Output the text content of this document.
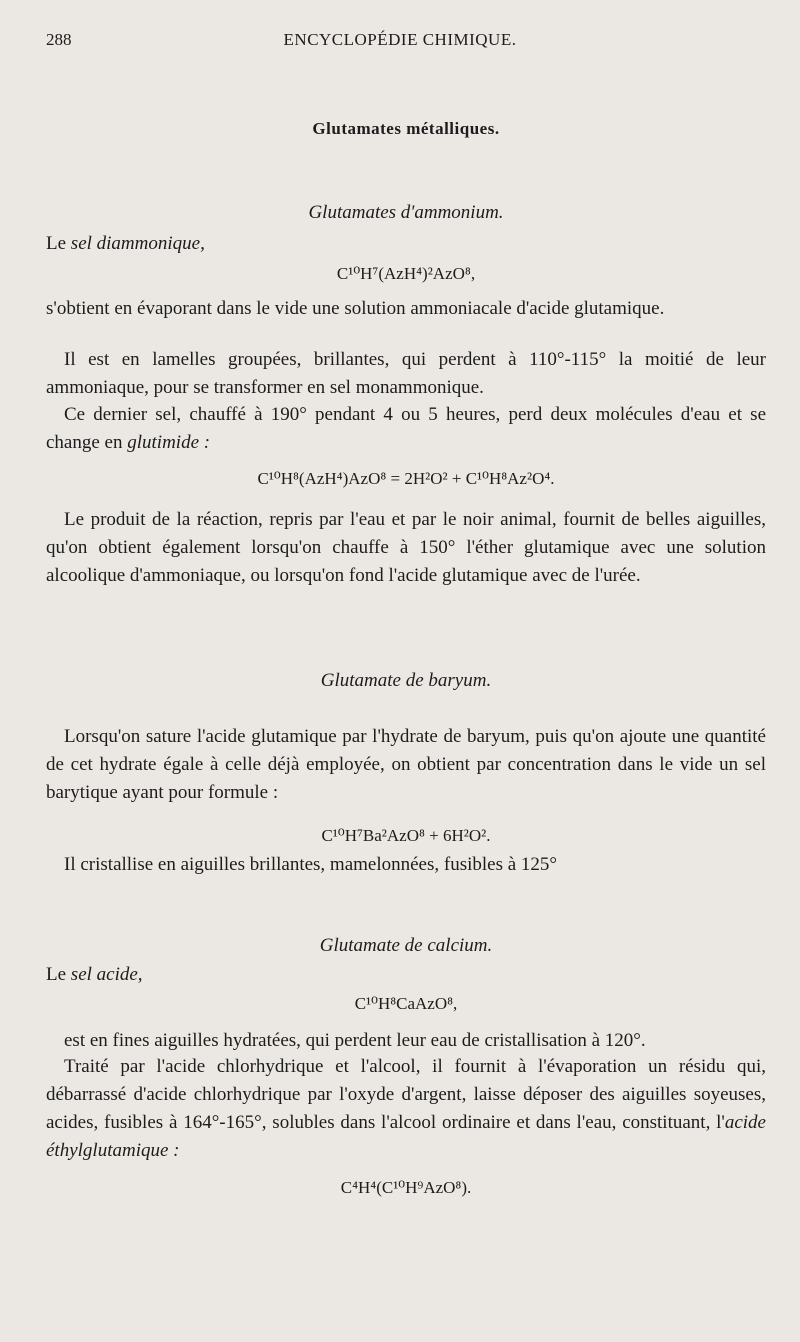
288	ENCYCLOPÉDIE CHIMIQUE.
Glutamates métalliques.
Glutamates d'ammonium.

Le sel diammonique,

C¹⁰H⁷(AzH⁴)²AzO⁸,

s'obtient en évaporant dans le vide une solution ammoniacale d'acide glutamique.

Il est en lamelles groupées, brillantes, qui perdent à 110°-115° la moitié de leur ammoniaque, pour se transformer en sel monammonique.

Ce dernier sel, chauffé à 190° pendant 4 ou 5 heures, perd deux molécules d'eau et se change en glutimide :

C¹⁰H⁸(AzH⁴)AzO⁸ = 2H²O² + C¹⁰H⁸Az²O⁴.

Le produit de la réaction, repris par l'eau et par le noir animal, fournit de belles aiguilles, qu'on obtient également lorsqu'on chauffe à 150° l'éther glutamique avec une solution alcoolique d'ammoniaque, ou lorsqu'on fond l'acide glutamique avec de l'urée.

Glutamate de baryum.

Lorsqu'on sature l'acide glutamique par l'hydrate de baryum, puis qu'on ajoute une quantité de cet hydrate égale à celle déjà employée, on obtient par concentration dans le vide un sel barytique ayant pour formule :

C¹⁰H⁷Ba²AzO⁸ + 6H²O².

Il cristallise en aiguilles brillantes, mamelonnées, fusibles à 125°

Glutamate de calcium.

Le sel acide,

C¹⁰H⁸CaAzO⁸,

est en fines aiguilles hydratées, qui perdent leur eau de cristallisation à 120°.

Traité par l'acide chlorhydrique et l'alcool, il fournit à l'évaporation un résidu qui, débarrassé d'acide chlorhydrique par l'oxyde d'argent, laisse déposer des aiguilles soyeuses, acides, fusibles à 164°-165°, solubles dans l'alcool ordinaire et dans l'eau, constituant, l'acide éthylglutamique :

C⁴H⁴(C¹⁰H⁹AzO⁸).
